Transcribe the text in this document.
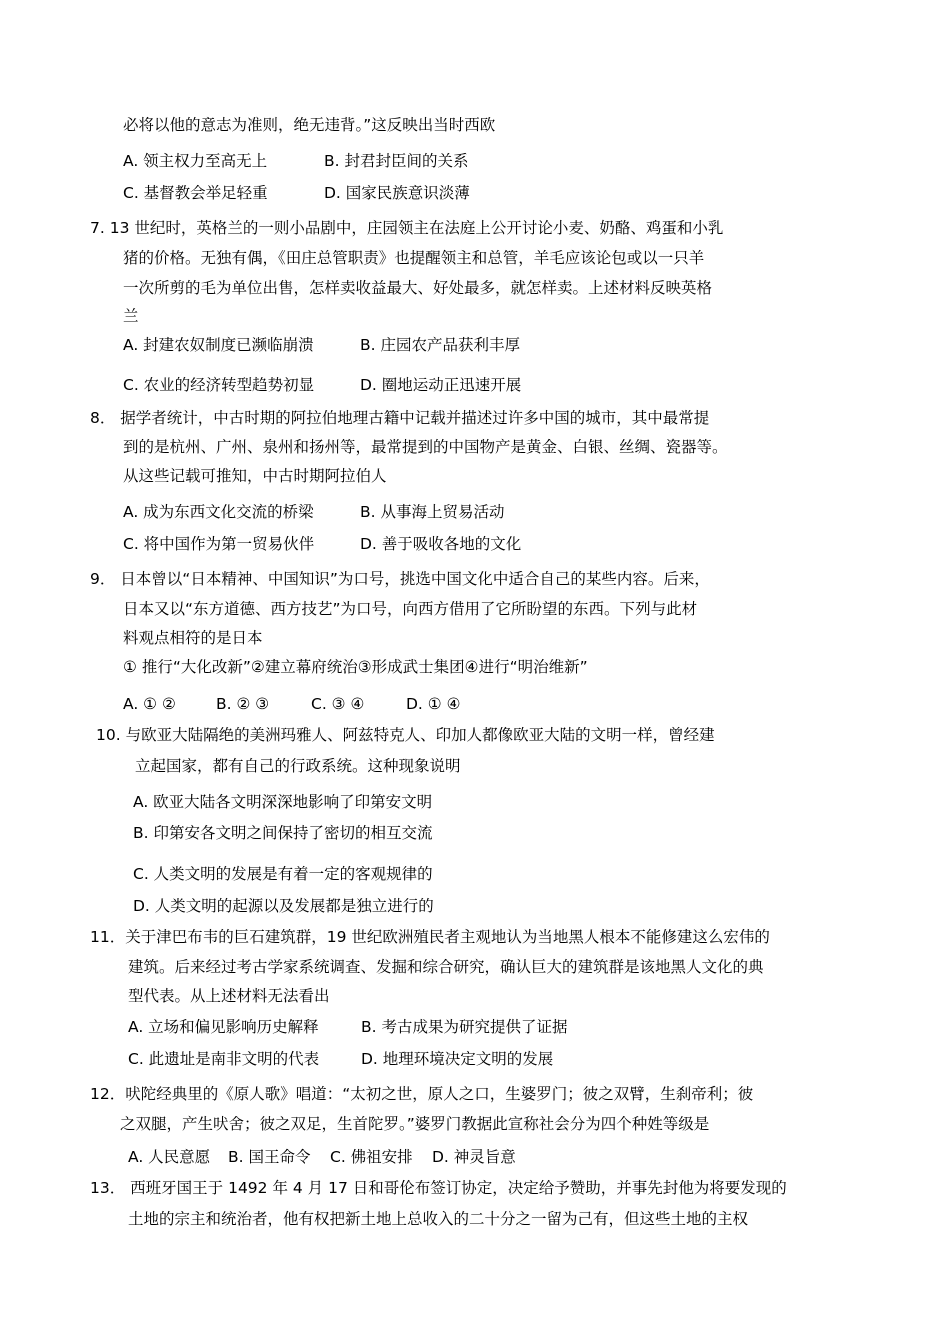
必将以他的意志为准则，绝无违背。”这反映出当时西欧
A. 领主权力至高无上	B. 封君封臣间的关系
C. 基督教会举足轻重	D. 国家民族意识淡薄
7. 13 世纪时，英格兰的一则小品剧中，庄园领主在法庭上公开讨论小麦、奶酪、鸡蛋和小乳
猪的价格。无独有偶，《田庄总管职责》也提醒领主和总管，羊毛应该论包或以一只羊
一次所剪的毛为单位出售，怎样卖收益最大、好处最多，就怎样卖。上述材料反映英格
兰
A. 封建农奴制度已濒临崩溃	B. 庄园农产品获利丰厚
C. 农业的经济转型趋势初显	D. 圈地运动正迅速开展
8． 据学者统计，中古时期的阿拉伯地理古籍中记载并描述过许多中国的城市，其中最常提
到的是杭州、广州、泉州和扬州等，最常提到的中国物产是黄金、白银、丝绸、瓷器等。
从这些记载可推知，中古时期阿拉伯人
A. 成为东西文化交流的桥梁	B. 从事海上贸易活动
C. 将中国作为第一贸易伙伴	D. 善于吸收各地的文化
9． 日本曾以“日本精神、中国知识”为口号，挑选中国文化中适合自己的某些内容。后来，
日本又以“东方道德、西方技艺”为口号，向西方借用了它所盼望的东西。下列与此材
料观点相符的是日本
① 推行“大化改新”②建立幕府统治③形成武士集团④进行“明治维新”
A. ① ②	B. ② ③	C. ③ ④	D. ① ④
10. 与欧亚大陆隔绝的美洲玛雅人、阿兹特克人、印加人都像欧亚大陆的文明一样，曾经建
立起国家，都有自己的行政系统。这种现象说明
A. 欧亚大陆各文明深深地影响了印第安文明
B. 印第安各文明之间保持了密切的相互交流
C. 人类文明的发展是有着一定的客观规律的
D. 人类文明的起源以及发展都是独立进行的
11．关于津巴布韦的巨石建筑群，19 世纪欧洲殖民者主观地认为当地黑人根本不能修建这么宏伟的
建筑。后来经过考古学家系统调查、发掘和综合研究，确认巨大的建筑群是该地黑人文化的典
型代表。从上述材料无法看出
A. 立场和偏见影响历史解释	B. 考古成果为研究提供了证据
C. 此遗址是南非文明的代表	D. 地理环境决定文明的发展
12．吠陀经典里的《原人歌》唱道：“太初之世，原人之口，生婆罗门；彼之双臂，生刹帝利；彼
之双腿，产生吠舍；彼之双足，生首陀罗。”婆罗门教据此宣称社会分为四个种姓等级是
A. 人民意愿 B. 国王命令 C. 佛祖安排 D. 神灵旨意
13． 西班牙国王于 1492 年 4 月 17 日和哥伦布签订协定，决定给予赞助，并事先封他为将要发现的
土地的宗主和统治者，他有权把新土地上总收入的二十分之一留为己有，但这些土地的主权
